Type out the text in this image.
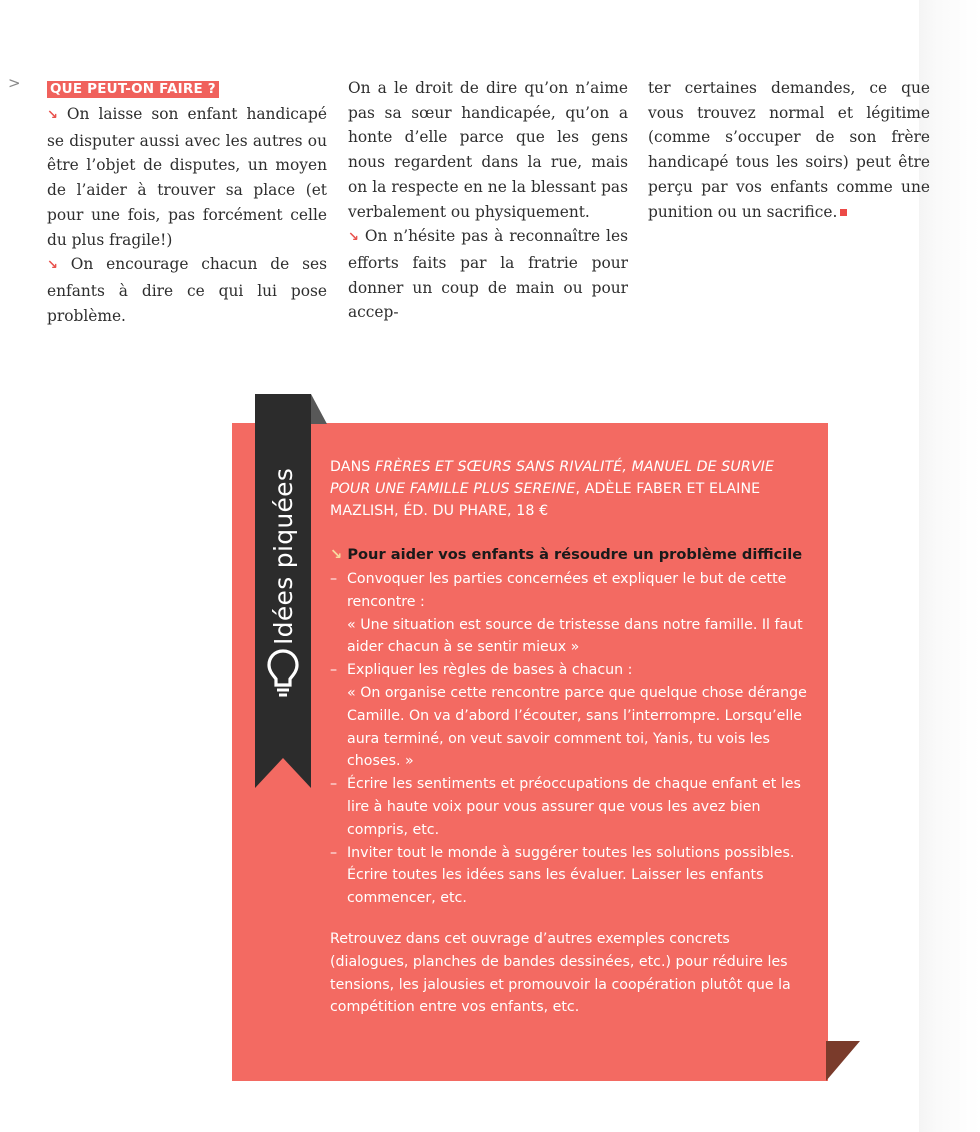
> QUE PEUT-ON FAIRE ?

↘ On laisse son enfant handicapé se disputer aussi avec les autres ou être l’objet de disputes, un moyen de l’aider à trouver sa place (et pour une fois, pas forcément celle du plus fragile!)

↘ On encourage chacun de ses enfants à dire ce qui lui pose problème.

On a le droit de dire qu’on n’aime pas sa sœur handicapée, qu’on a honte d’elle parce que les gens nous regardent dans la rue, mais on la respecte en ne la blessant pas verbalement ou physiquement.

↘ On n’hésite pas à reconnaître les efforts faits par la fratrie pour donner un coup de main ou pour accep-

ter certaines demandes, ce que vous trouvez normal et légitime (comme s’occuper de son frère handicapé tous les soirs) peut être perçu par vos enfants comme une punition ou un sacrifice.

Idées piquées

DANS FRÈRES ET SŒURS SANS RIVALITÉ, MANUEL DE SURVIE POUR UNE FAMILLE PLUS SEREINE, ADÈLE FABER ET ELAINE MAZLISH, ÉD. DU PHARE, 18 €

↘ Pour aider vos enfants à résoudre un problème difficile

– Convoquer les parties concernées et expliquer le but de cette rencontre :
« Une situation est source de tristesse dans notre famille. Il faut aider chacun à se sentir mieux »
– Expliquer les règles de bases à chacun :
« On organise cette rencontre parce que quelque chose dérange Camille. On va d’abord l’écouter, sans l’interrompre. Lorsqu’elle aura terminé, on veut savoir comment toi, Yanis, tu vois les choses. »
– Écrire les sentiments et préoccupations de chaque enfant et les lire à haute voix pour vous assurer que vous les avez bien compris, etc.
– Inviter tout le monde à suggérer toutes les solutions possibles. Écrire toutes les idées sans les évaluer. Laisser les enfants commencer, etc.

Retrouvez dans cet ouvrage d’autres exemples concrets (dialogues, planches de bandes dessinées, etc.) pour réduire les tensions, les jalousies et promouvoir la coopération plutôt que la compétition entre vos enfants, etc.
